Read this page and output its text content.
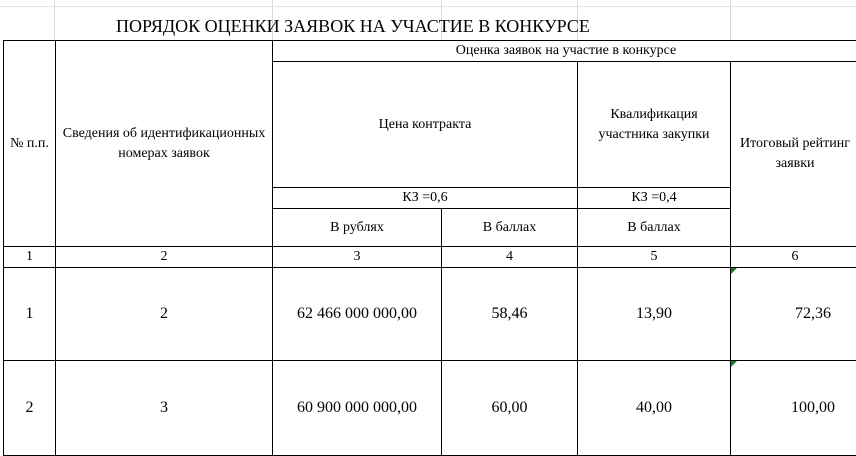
ПОРЯДОК ОЦЕНКИ ЗАЯВОК НА УЧАСТИЕ В КОНКУРСЕ
№ п.п.	Сведения об идентификационных номерах заявок	Оценка заявок на участие в конкурсе			
		Цена контракта		Квалификация участника закупки	Итоговый рейтинг заявки
		КЗ =0,6		КЗ =0,4	
		В рублях	В баллах	В баллах	

1	2	3	4	5	6
1	2	62 466 000 000,00	58,46	13,90	72,36
2	3	60 900 000 000,00	60,00	40,00	100,00
